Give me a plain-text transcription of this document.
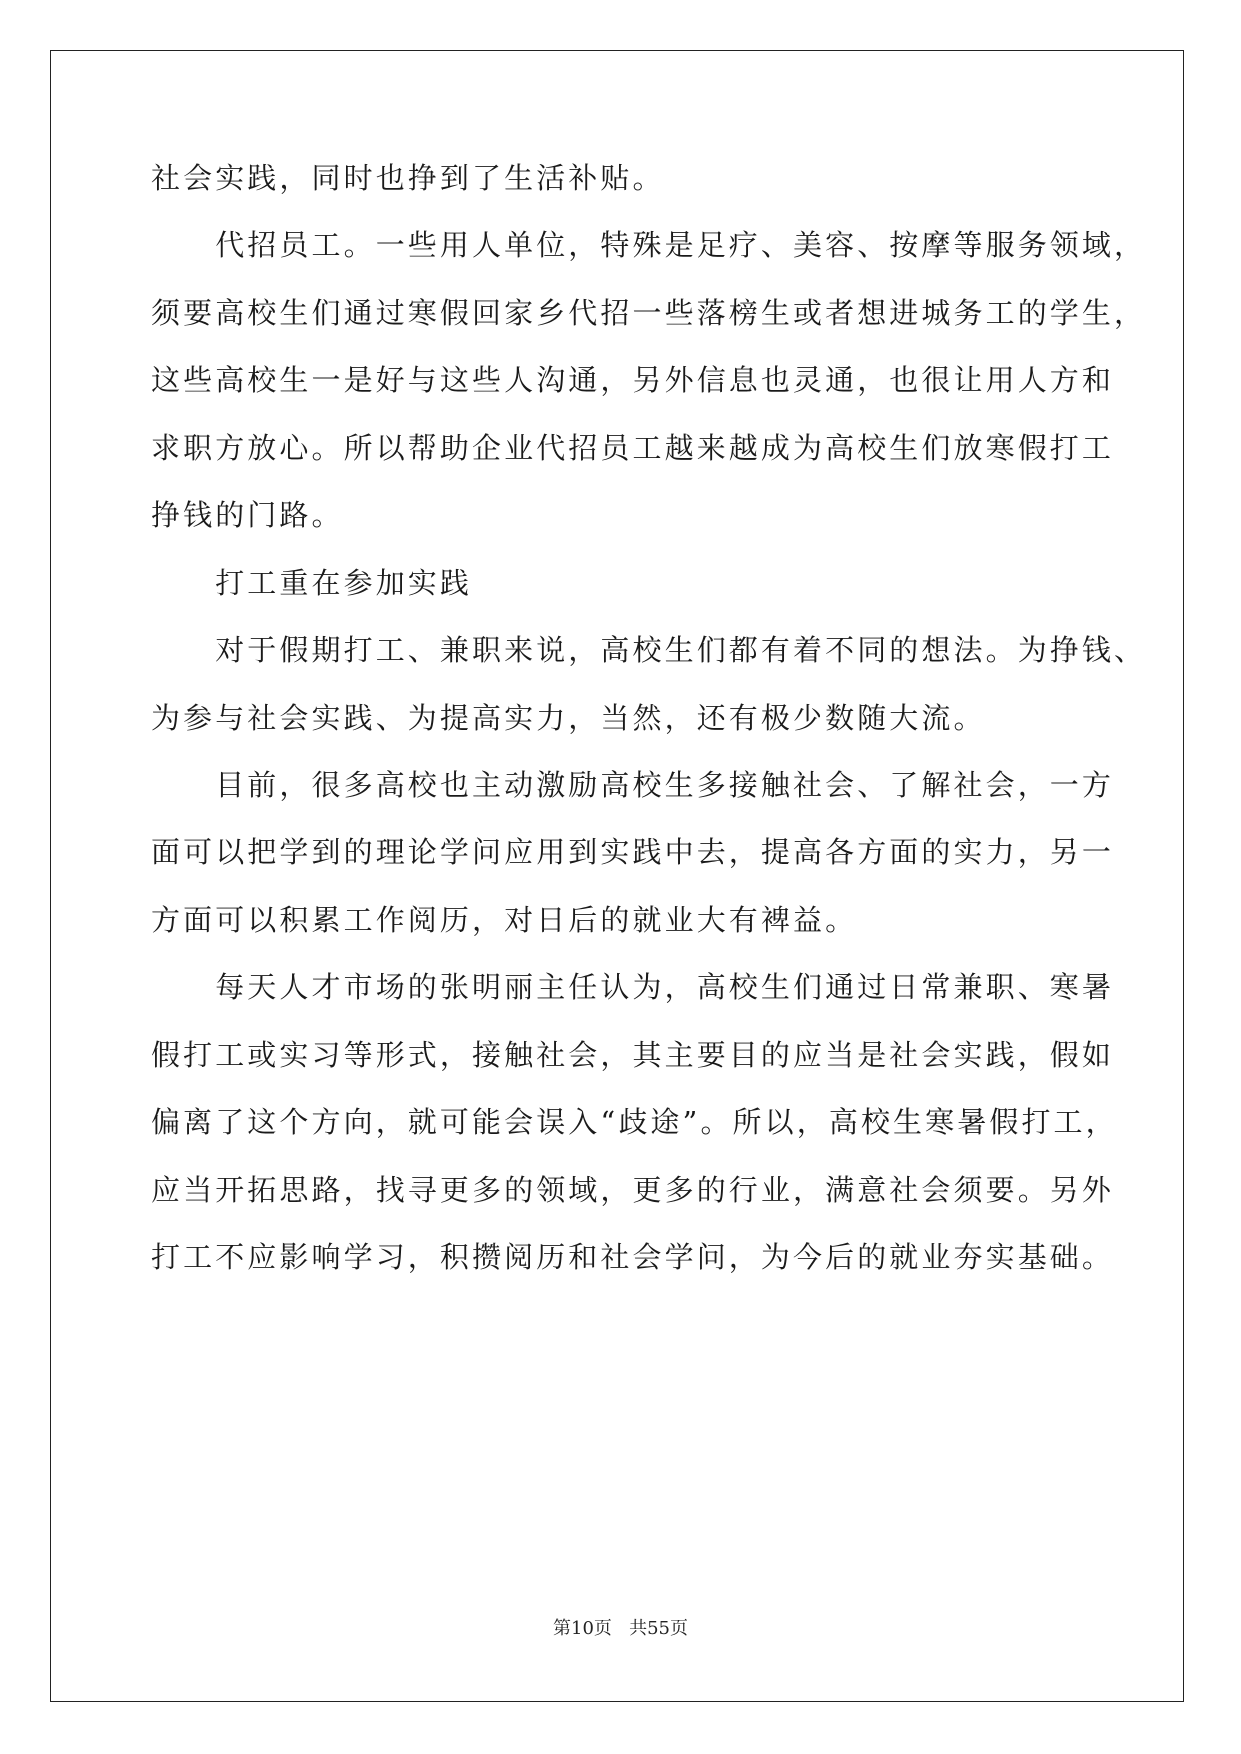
社会实践，同时也挣到了生活补贴。
　　代招员工。一些用人单位，特殊是足疗、美容、按摩等服务领域，
须要高校生们通过寒假回家乡代招一些落榜生或者想进城务工的学生，
这些高校生一是好与这些人沟通，另外信息也灵通，也很让用人方和
求职方放心。所以帮助企业代招员工越来越成为高校生们放寒假打工
挣钱的门路。
　　打工重在参加实践
　　对于假期打工、兼职来说，高校生们都有着不同的想法。为挣钱、
为参与社会实践、为提高实力，当然，还有极少数随大流。
　　目前，很多高校也主动激励高校生多接触社会、了解社会，一方
面可以把学到的理论学问应用到实践中去，提高各方面的实力，另一
方面可以积累工作阅历，对日后的就业大有裨益。
　　每天人才市场的张明丽主任认为，高校生们通过日常兼职、寒暑
假打工或实习等形式，接触社会，其主要目的应当是社会实践，假如
偏离了这个方向，就可能会误入“歧途”。所以，高校生寒暑假打工，
应当开拓思路，找寻更多的领域，更多的行业，满意社会须要。另外
打工不应影响学习，积攒阅历和社会学问，为今后的就业夯实基础。
第10页 共55页
